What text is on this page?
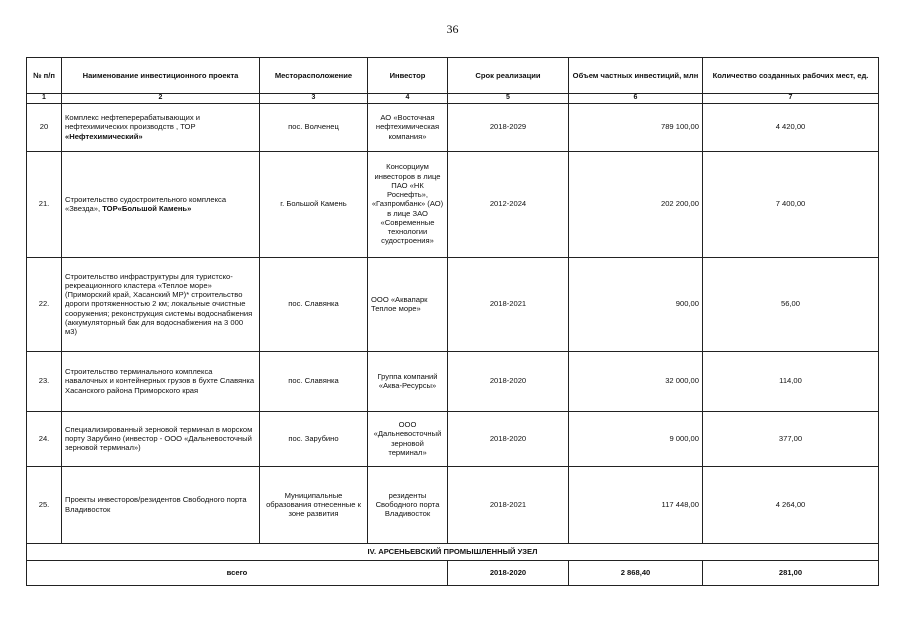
36
№ п/п	Наименование инвестиционного проекта	Месторасположение	Инвестор	Срок реализации	Объем частных инвестиций, млн	Количество созданных рабочих мест, ед.
1	2	3	4	5	6	7
20	Комплекс нефтеперерабатывающих и нефтехимических производств , ТОР «Нефтехимический»	пос. Волченец	АО «Восточная нефтехимическая компания»	2018-2029	789 100,00	4 420,00
21.	Строительство судостроительного комплекса «Звезда», ТОР«Большой Камень»	г. Большой Камень	Консорциум инвесторов в лице ПАО «НК Роснефть», «Газпромбанк» (АО) в лице ЗАО «Современные технологии судостроения»	2012-2024	202 200,00	7 400,00
22.	Строительство инфраструктуры для туристско-рекреационного кластера «Теплое море» (Приморский край, Хасанский МР)* строительство дороги протяженностью 2 км; локальные очистные сооружения; реконструкция системы водоснабжения (аккумуляторный бак для водоснабжения на 3 000 м3)	пос. Славянка	ООО «Аквапарк Теплое море»	2018-2021	900,00	56,00
23.	Строительство терминального комплекса навалочных и контейнерных грузов в бухте Славянка Хасанского района Приморского края	пос. Славянка	Группа компаний «Аква-Ресурсы»	2018-2020	32 000,00	114,00
24.	Специализированный зерновой терминал в морском порту Зарубино (инвестор - ООО «Дальневосточный зерновой терминал»)	пос. Зарубино	ООО «Дальневосточный зерновой терминал»	2018-2020	9 000,00	377,00
25.	Проекты инвесторов/резидентов Свободного порта Владивосток	Муниципальные образования отнесенные к зоне развития	резиденты Свободного порта Владивосток	2018-2021	117 448,00	4 264,00
IV. АРСЕНЬЕВСКИЙ ПРОМЫШЛЕННЫЙ УЗЕЛ						
всего				2018-2020	2 868,40	281,00
